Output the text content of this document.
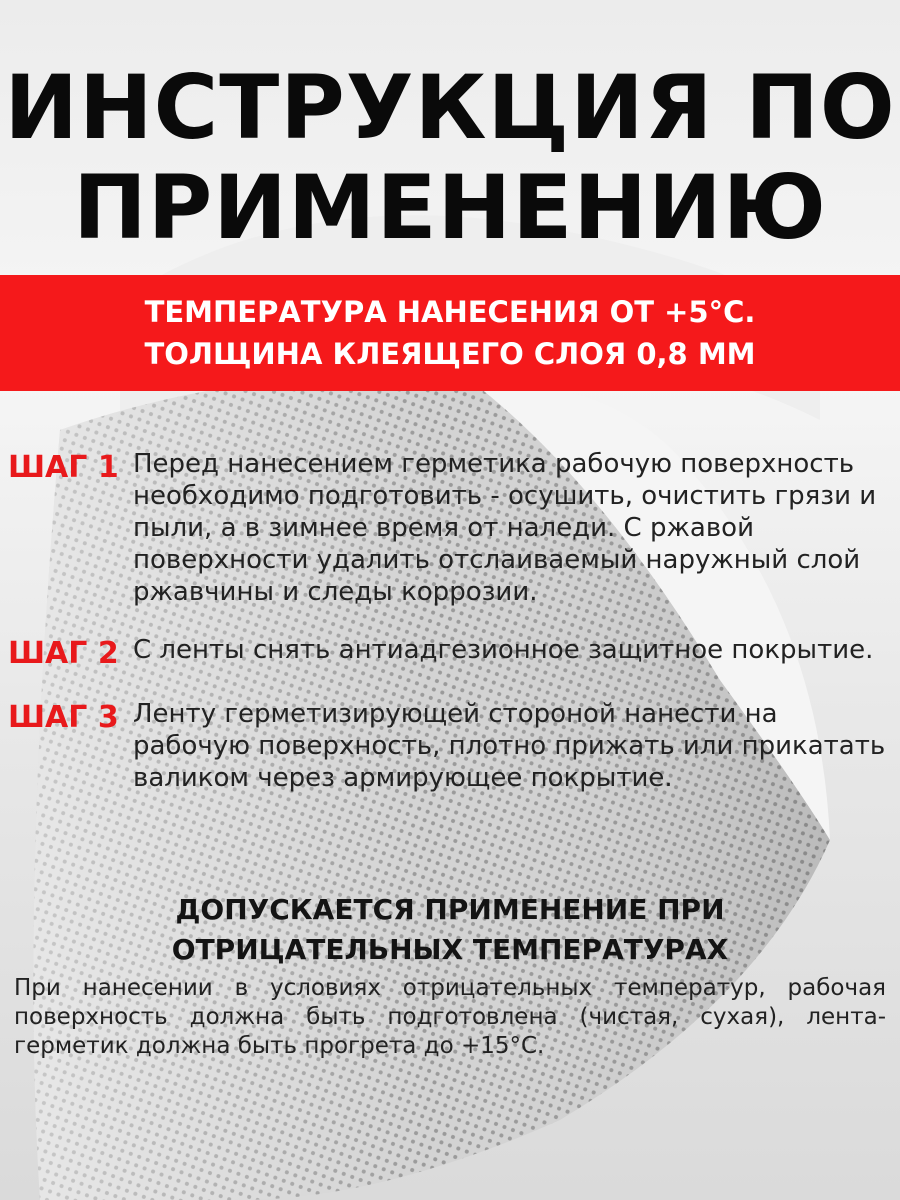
ИНСТРУКЦИЯ ПО
ПРИМЕНЕНИЮ
ТЕМПЕРАТУРА НАНЕСЕНИЯ ОТ +5°С.
ТОЛЩИНА КЛЕЯЩЕГО СЛОЯ 0,8 ММ
ШАГ 1 Перед нанесением герметика рабочую поверхность необходимо подготовить - осушить, очистить грязи и пыли, а в зимнее время от наледи. С ржавой поверхности удалить отслаиваемый наружный слой ржавчины и следы коррозии.
ШАГ 2 С ленты снять антиадгезионное защитное покрытие.
ШАГ 3 Ленту герметизирующей стороной нанести на рабочую поверхность, плотно прижать или прикатать валиком через армирующее покрытие.
ДОПУСКАЕТСЯ ПРИМЕНЕНИЕ ПРИ
ОТРИЦАТЕЛЬНЫХ ТЕМПЕРАТУРАХ
При нанесении в условиях отрицательных температур, рабочая поверхность должна быть подготовлена (чистая, сухая), лента-герметик должна быть прогрета до +15°С.
